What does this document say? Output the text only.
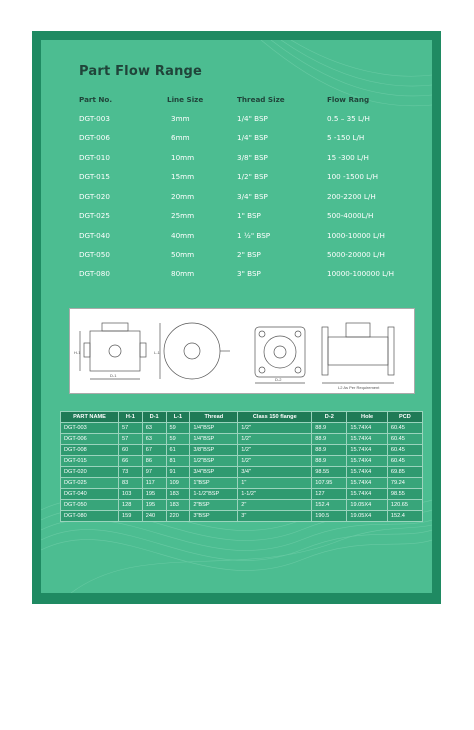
Part Flow Range
Part No.	Line Size	Thread Size	Flow Rang
DGT-003	3mm	1/4" BSP	0.5 – 35 L/H
DGT-006	6mm	1/4" BSP	5 -150 L/H
DGT-010	10mm	3/8" BSP	15 -300 L/H
DGT-015	15mm	1/2" BSP	100 -1500 L/H
DGT-020	20mm	3/4" BSP	200-2200 L/H
DGT-025	25mm	1" BSP	500-4000L/H
DGT-040	40mm	1 ½" BSP	1000-10000 L/H
DGT-050	50mm	2" BSP	5000-20000 L/H
DGT-080	80mm	3" BSP	10000-100000 L/H
H-1
D-1
L-1
D-2
L2 As Per Requirement
PART NAME	H-1	D-1	L-1	Thread	Class 150 flange	D-2	Hole	PCD
DGT-003	57	63	59	1/4"BSP	1/2"	88.9	15.74X4	60.45
DGT-006	57	63	59	1/4"BSP	1/2"	88.9	15.74X4	60.45
DGT-008	60	67	61	3/8"BSP	1/2"	88.9	15.74X4	60.45
DGT-015	66	86	81	1/2"BSP	1/2"	88.9	15.74X4	60.45
DGT-020	73	97	91	3/4"BSP	3/4"	98.55	15.74X4	69.85
DGT-025	83	117	109	1"BSP	1"	107.95	15.74X4	79.24
DGT-040	103	195	183	1-1/2"BSP	1-1/2"	127	15.74X4	98.55
DGT-050	128	195	183	2"BSP	2"	152.4	19.05X4	120.65
DGT-080	159	240	220	3"BSP	3"	190.5	19.05X4	152.4
